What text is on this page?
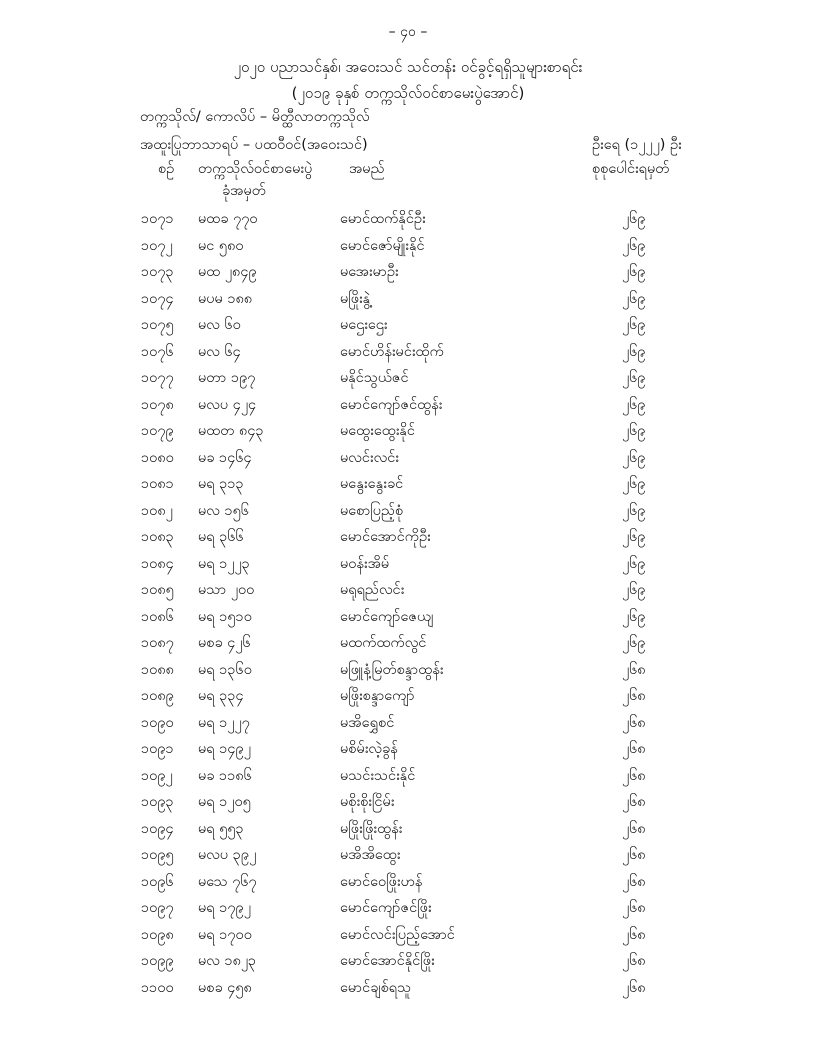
– ၄၀ –
၂၀၂၀ ပညာသင်နှစ်၊ အဝေးသင် သင်တန်း ဝင်ခွင့်ရရှိသူများစာရင်း
(၂၀၁၉ ခုနှစ် တက္ကသိုလ်ဝင်စာမေးပွဲအောင်)
တက္ကသိုလ်/ ကောလိပ် – မိတ္ထီလာတက္ကသိုလ်
အထူးပြုဘာသာရပ် – ပထဝီဝင်(အဝေးသင်)	ဦးရေ (၁၂၂၂) ဦး
စဉ် တက္ကသိုလ်ဝင်စာမေးပွဲ
ခုံအမှတ်
အမည်	စုစုပေါင်းရမှတ်
၁၀၇၁ မထခ ၇၇၀	မောင်ထက်နိုင်ဦး	၂၆၉
၁၀၇၂ မင ၅၈၀	မောင်ဇော်မျိုးနိုင်	၂၆၉
၁၀၇၃ မထ ၂၈၄၉	မအေးမာဦး	၂၆၉
၁၀၇၄ မပမ ၁၈၈	မဖြိုးနွဲ့	၂၆၉
၁၀၇၅ မလ ၆၀	မဌေးဌေး	၂၆၉
၁၀၇၆ မလ ၆၄	မောင်ဟိန်းမင်းထိုက်	၂၆၉
၁၀၇၇ မတာ ၁၉၇	မနိုင်သွယ်ဇင်	၂၆၉
၁၀၇၈ မလပ ၄၂၄	မောင်ကျော်ဇင်ထွန်း	၂၆၉
၁၀၇၉ မထတ ၈၄၃	မထွေးထွေးနိုင်	၂၆၉
၁၀၈၀ မခ ၁၄၆၄	မလင်းလင်း	၂၆၉
၁၀၈၁ မရ ၃၁၃	မနွေးနွေးခင်	၂၆၉
၁၀၈၂ မလ ၁၅၆	မစောပြည့်စုံ	၂၆၉
၁၀၈၃ မရ ၃၆၆	မောင်အောင်ကိုဦး	၂၆၉
၁၀၈၄ မရ ၁၂၂၃	မဝန်းအိမ်	၂၆၉
၁၀၈၅ မသာ ၂၀၀	မရုရည်လင်း	၂၆၉
၁၀၈၆ မရ ၁၅၁၀	မောင်ကျော်ဇေယျ	၂၆၉
၁၀၈၇ မစခ ၄၂၆	မထက်ထက်လွင်	၂၆၉
၁၀၈၈ မရ ၁၃၆၀	မဖြူနံ့မြတ်စန္ဒာထွန်း	၂၆၈
၁၀၈၉ မရ ၃၃၄	မဖြိုးစန္ဒာကျော်	၂၆၈
၁၀၉၀ မရ ၁၂၂၇	မအိရွှေစင်	၂၆၈
၁၀၉၁ မရ ၁၄၉၂	မစိမ်းလဲ့ခွန်	၂၆၈
၁၀၉၂ မခ ၁၁၈၆	မသင်းသင်းနိုင်	၂၆၈
၁၀၉၃ မရ ၁၂၀၅	မစိုးစိုးငြိမ်း	၂၆၈
၁၀၉၄ မရ ၅၅၃	မဖြိုးဖြိုးထွန်း	၂၆၈
၁၀၉၅ မလပ ၃၉၂	မအိအိထွေး	၂၆၈
၁၀၉၆ မသေ ၇၆၇	မောင်ဝေဖြိုးဟန်	၂၆၈
၁၀၉၇ မရ ၁၇၉၂	မောင်ကျော်ဇင်ဖြိုး	၂၆၈
၁၀၉၈ မရ ၁၇၀၀	မောင်လင်းပြည့်အောင်	၂၆၈
၁၀၉၉ မလ ၁၈၂၃	မောင်အောင်နိုင်ဖြိုး	၂၆၈
၁၁၀၀ မစခ ၄၅၈	မောင်ချစ်ရသူ	၂၆၈
